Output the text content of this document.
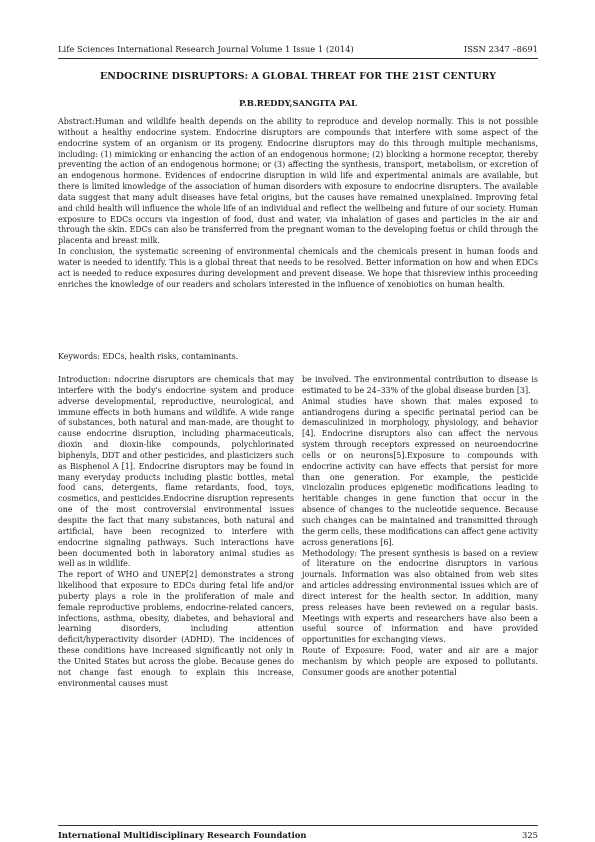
Life Sciences International Research Journal Volume 1 Issue 1 (2014)	ISSN 2347 –8691
ENDOCRINE DISRUPTORS: A GLOBAL THREAT FOR THE 21ST CENTURY
P.B.REDDY,SANGITA PAL

Abstract:Human and wildlife health depends on the ability to reproduce and develop normally. This is not possible without a healthy endocrine system. Endocrine disruptors are compounds that interfere with some aspect of the endocrine system of an organism or its progeny. Endocrine disruptors may do this through multiple mechanisms, including: (1) mimicking or enhancing the action of an endogenous hormone; (2) blocking a hormone receptor, thereby preventing the action of an endogenous hormone; or (3) affecting the synthesis, transport, metabolism, or excretion of an endogenous hormone. Evidences of endocrine disruption in wild life and experimental animals are available, but there is limited knowledge of the association of human disorders with exposure to endocrine disrupters. The available data suggest that many adult diseases have fetal origins, but the causes have remained unexplained. Improving fetal and child health will influence the whole life of an individual and reflect the wellbeing and future of our society. Human exposure to EDCs occurs via ingestion of food, dust and water, via inhalation of gases and particles in the air and through the skin. EDCs can also be transferred from the pregnant woman to the developing foetus or child through the placenta and breast milk.

In conclusion, the systematic screening of environmental chemicals and the chemicals present in human foods and water is needed to identify. This is a global threat that needs to be resolved. Better information on how and when EDCs act is needed to reduce exposures during development and prevent disease. We hope that thisreview inthis proceeding enriches the knowledge of our readers and scholars interested in the influence of xenobiotics on human health.

Keywords: EDCs, health risks, contaminants.

Introduction: ndocrine disruptors are chemicals that may interfere with the body's endocrine system and produce adverse developmental, reproductive, neurological, and immune effects in both humans and wildlife. A wide range of substances, both natural and man-made, are thought to cause endocrine disruption, including pharmaceuticals, dioxin and dioxin-like compounds, polychlorinated biphenyls, DDT and other pesticides, and plasticizers such as Bisphenol A [1]. Endocrine disruptors may be found in many everyday products including plastic bottles, metal food cans, detergents, flame retardants, food, toys, cosmetics, and pesticides.Endocrine disruption represents one of the most controversial environmental issues despite the fact that many substances, both natural and artificial, have been recognized to interfere with endocrine signaling pathways. Such interactions have been documented both in laboratory animal studies as well as in wildlife.

The report of WHO and UNEP[2] demonstrates a strong likelihood that exposure to EDCs during fetal life and/or puberty plays a role in the proliferation of male and female reproductive problems, endocrine-related cancers, infections, asthma, obesity, diabetes, and behavioral and learning disorders, including attention deficit/hyperactivity disorder (ADHD). The incidences of these conditions have increased significantly not only in the United States but across the globe. Because genes do not change fast enough to explain this increase, environmental causes must

be involved. The environmental contribution to disease is estimated to be 24–33% of the global disease burden [3].

Animal studies have shown that males exposed to antiandrogens during a specific perinatal period can be demasculinized in morphology, physiology, and behavior [4]. Endocrine disruptors also can affect the nervous system through receptors expressed on neuroendocrine cells or on neurons[5].Exposure to compounds with endocrine activity can have effects that persist for more than one generation. For example, the pesticide vinclozalin produces epigenetic modifications leading to heritable changes in gene function that occur in the absence of changes to the nucleotide sequence. Because such changes can be maintained and transmitted through the germ cells, these modifications can affect gene activity across generations [6].

Methodology: The present synthesis is based on a review of literature on the endocrine disruptors in various journals. Information was also obtained from web sites and articles addressing environmental issues which are of direct interest for the health sector. In addition, many press releases have been reviewed on a regular basis. Meetings with experts and researchers have also been a useful source of information and have provided opportunities for exchanging views.

Route of Exposure: Food, water and air are a major mechanism by which people are exposed to pollutants. Consumer goods are another potential

International Multidisciplinary Research Foundation	325
